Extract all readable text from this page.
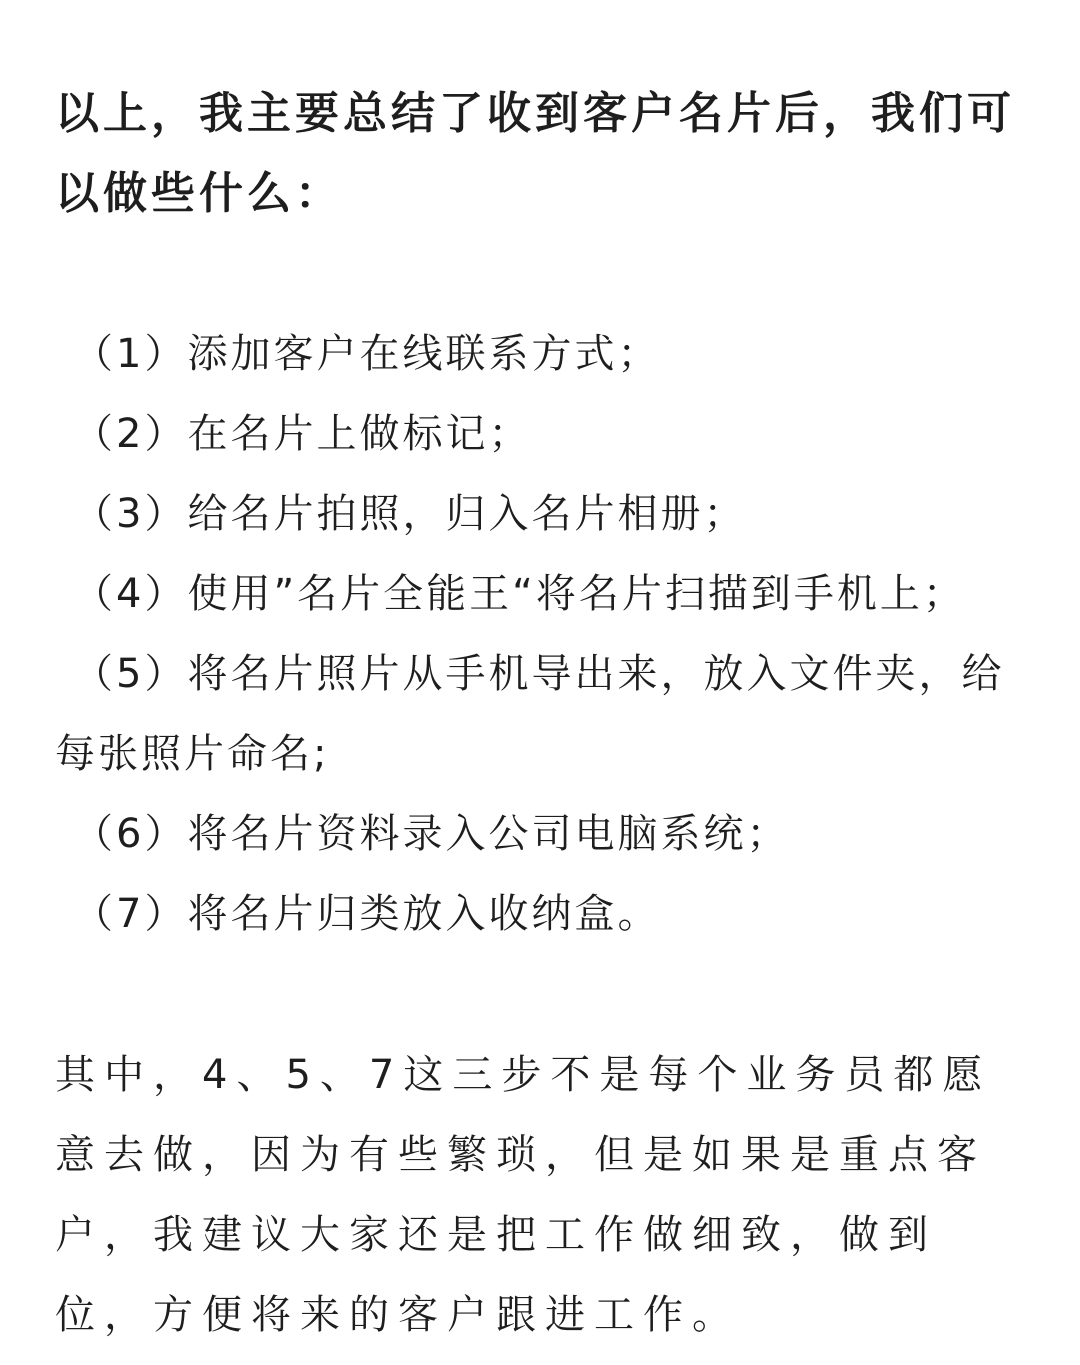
以上，我主要总结了收到客户名片后，我们可以做些什么：

（1）添加客户在线联系方式；
（2）在名片上做标记；
（3）给名片拍照，归入名片相册；
（4）使用”名片全能王“将名片扫描到手机上；
（5）将名片照片从手机导出来，放入文件夹，给每张照片命名;
（6）将名片资料录入公司电脑系统；
（7）将名片归类放入收纳盒。

其中，4、5、7这三步不是每个业务员都愿意去做，因为有些繁琐，但是如果是重点客户，我建议大家还是把工作做细致，做到位，方便将来的客户跟进工作。
